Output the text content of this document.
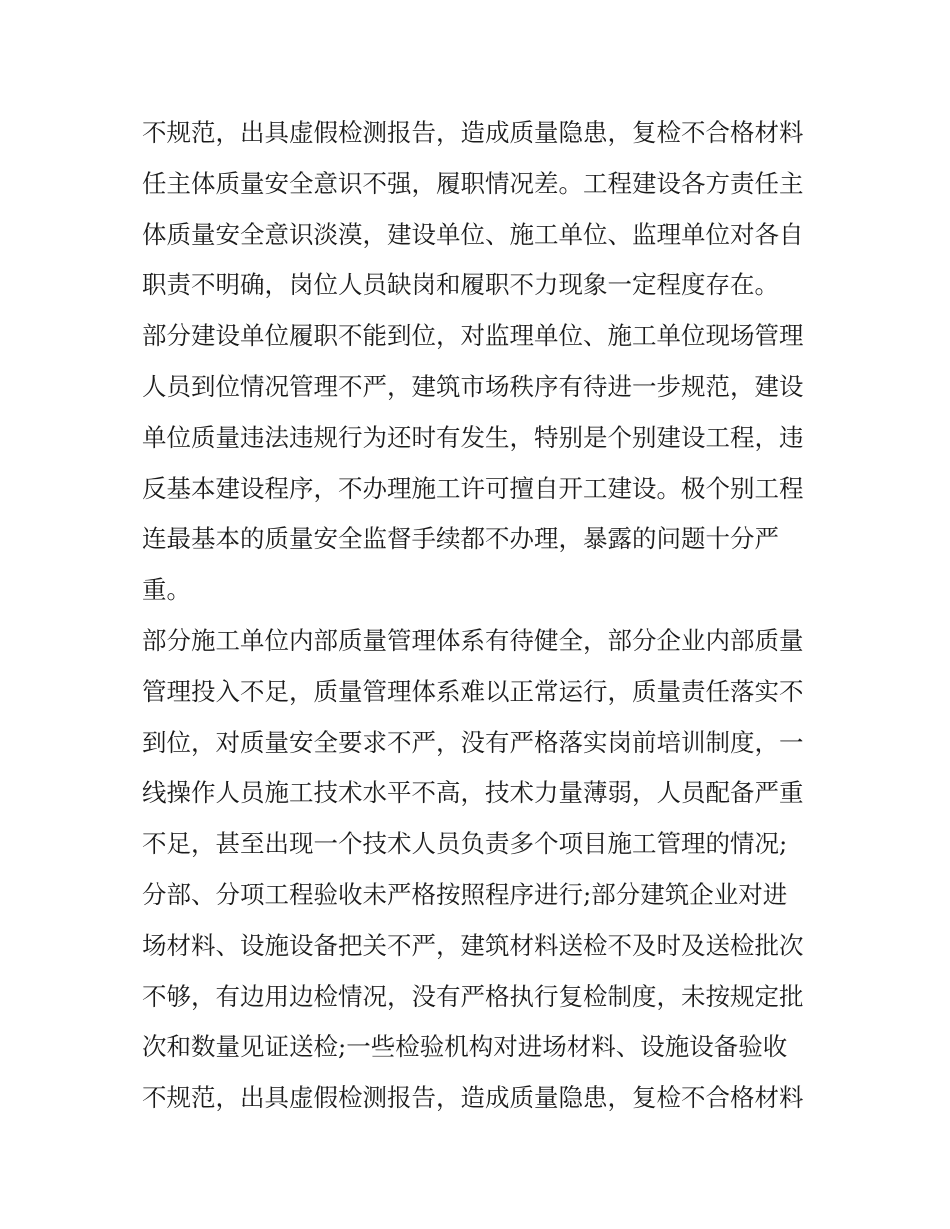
不规范，出具虚假检测报告，造成质量隐患，复检不合格材料
任主体质量安全意识不强，履职情况差。工程建设各方责任主
体质量安全意识淡漠，建设单位、施工单位、监理单位对各自
职责不明确，岗位人员缺岗和履职不力现象一定程度存在。
部分建设单位履职不能到位，对监理单位、施工单位现场管理
人员到位情况管理不严，建筑市场秩序有待进一步规范，建设
单位质量违法违规行为还时有发生，特别是个别建设工程，违
反基本建设程序，不办理施工许可擅自开工建设。极个别工程
连最基本的质量安全监督手续都不办理，暴露的问题十分严
重。
部分施工单位内部质量管理体系有待健全，部分企业内部质量
管理投入不足，质量管理体系难以正常运行，质量责任落实不
到位，对质量安全要求不严，没有严格落实岗前培训制度，一
线操作人员施工技术水平不高，技术力量薄弱，人员配备严重
不足，甚至出现一个技术人员负责多个项目施工管理的情况;
分部、分项工程验收未严格按照程序进行;部分建筑企业对进
场材料、设施设备把关不严，建筑材料送检不及时及送检批次
不够，有边用边检情况，没有严格执行复检制度，未按规定批
次和数量见证送检;一些检验机构对进场材料、设施设备验收
不规范，出具虚假检测报告，造成质量隐患，复检不合格材料
